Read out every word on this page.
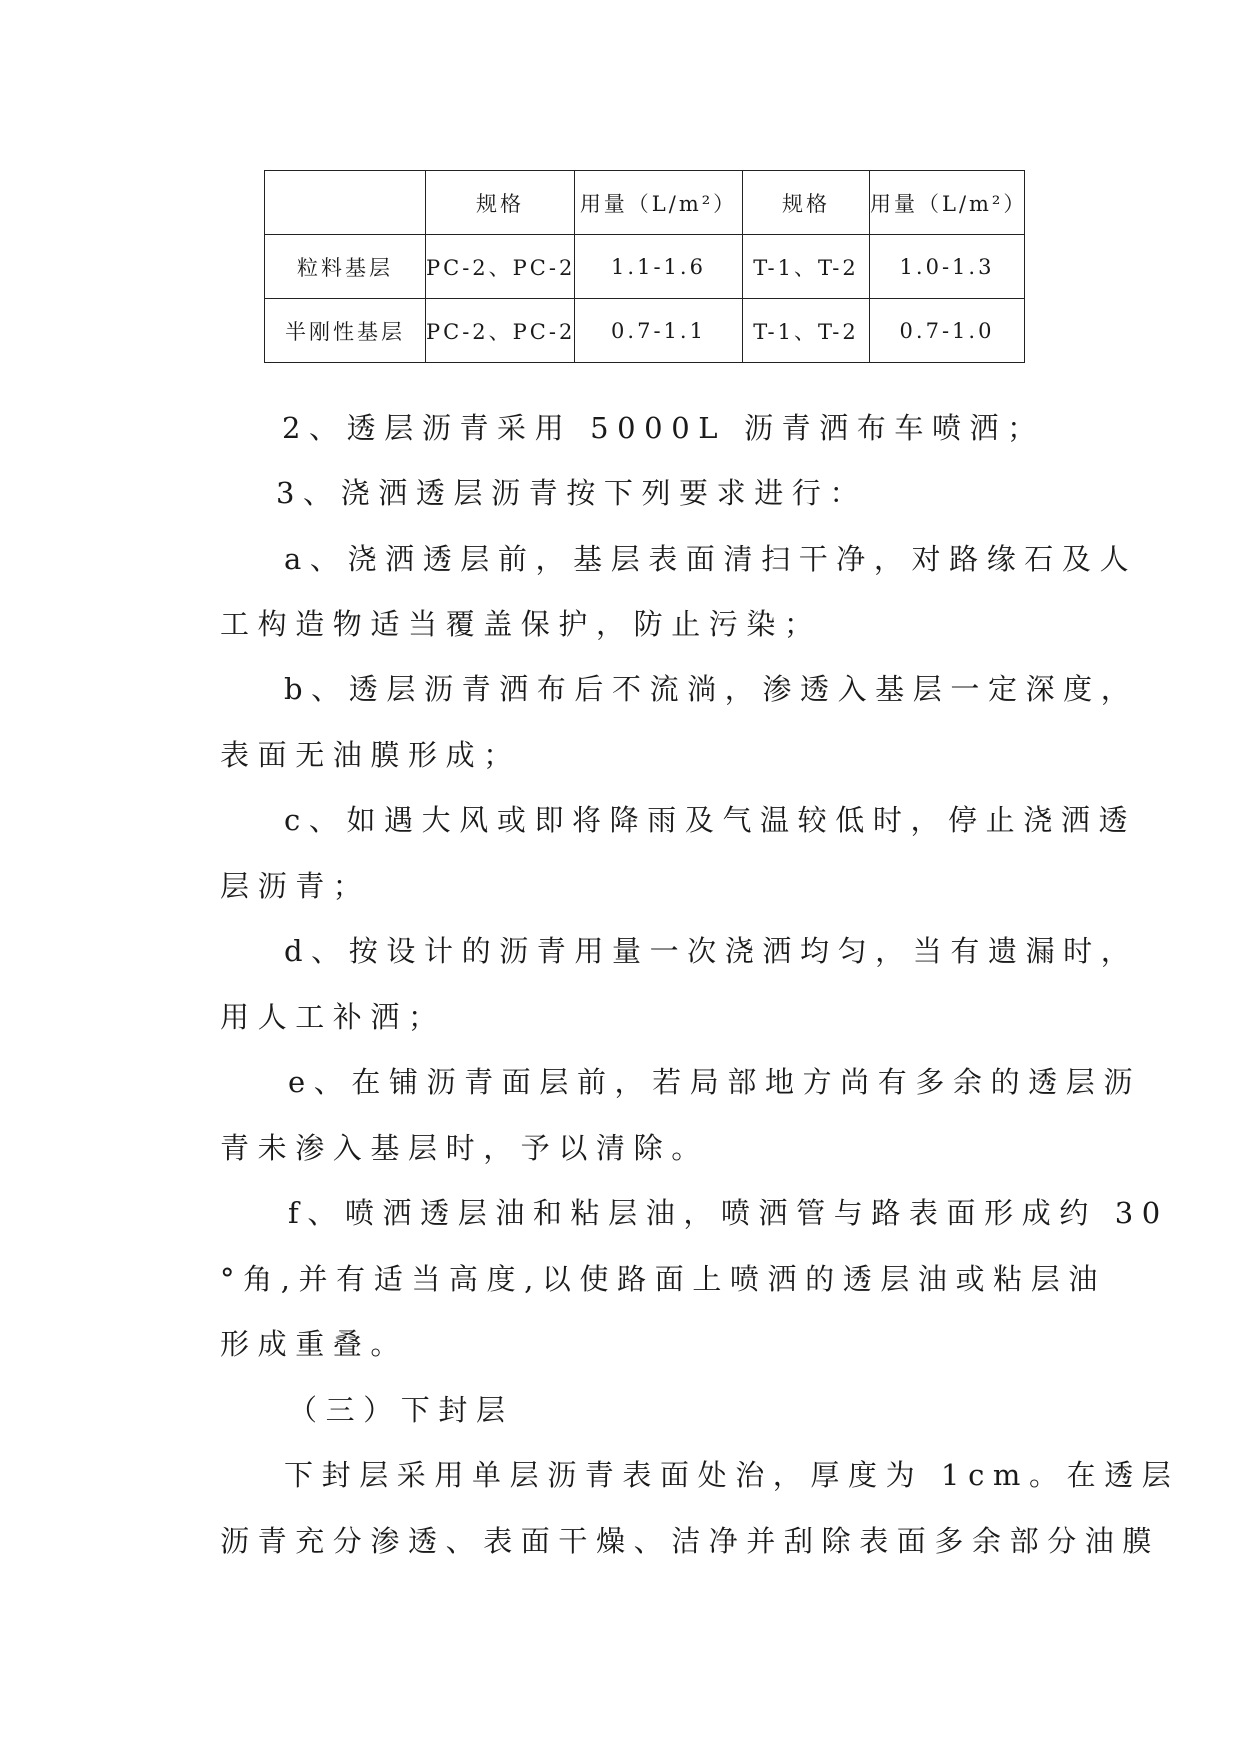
	规格	用量（L/m²）	规格	用量（L/m²）
粒料基层	PC-2、PC-2	1.1-1.6	T-1、T-2	1.0-1.3
半刚性基层	PC-2、PC-2	0.7-1.1	T-1、T-2	0.7-1.0

2、透层沥青采用 5000L 沥青洒布车喷洒；

3、浇洒透层沥青按下列要求进行：

a、浇洒透层前，基层表面清扫干净，对路缘石及人

工构造物适当覆盖保护，防止污染；

b、透层沥青洒布后不流淌，渗透入基层一定深度，

表面无油膜形成；

c、如遇大风或即将降雨及气温较低时，停止浇洒透

层沥青；

d、按设计的沥青用量一次浇洒均匀，当有遗漏时，

用人工补洒；

e、在铺沥青面层前，若局部地方尚有多余的透层沥

青未渗入基层时，予以清除。

f、喷洒透层油和粘层油，喷洒管与路表面形成约 30

°角,并有适当高度,以使路面上喷洒的透层油或粘层油

形成重叠。

（三）下封层

下封层采用单层沥青表面处治，厚度为 1cm。在透层

沥青充分渗透、表面干燥、洁净并刮除表面多余部分油膜
